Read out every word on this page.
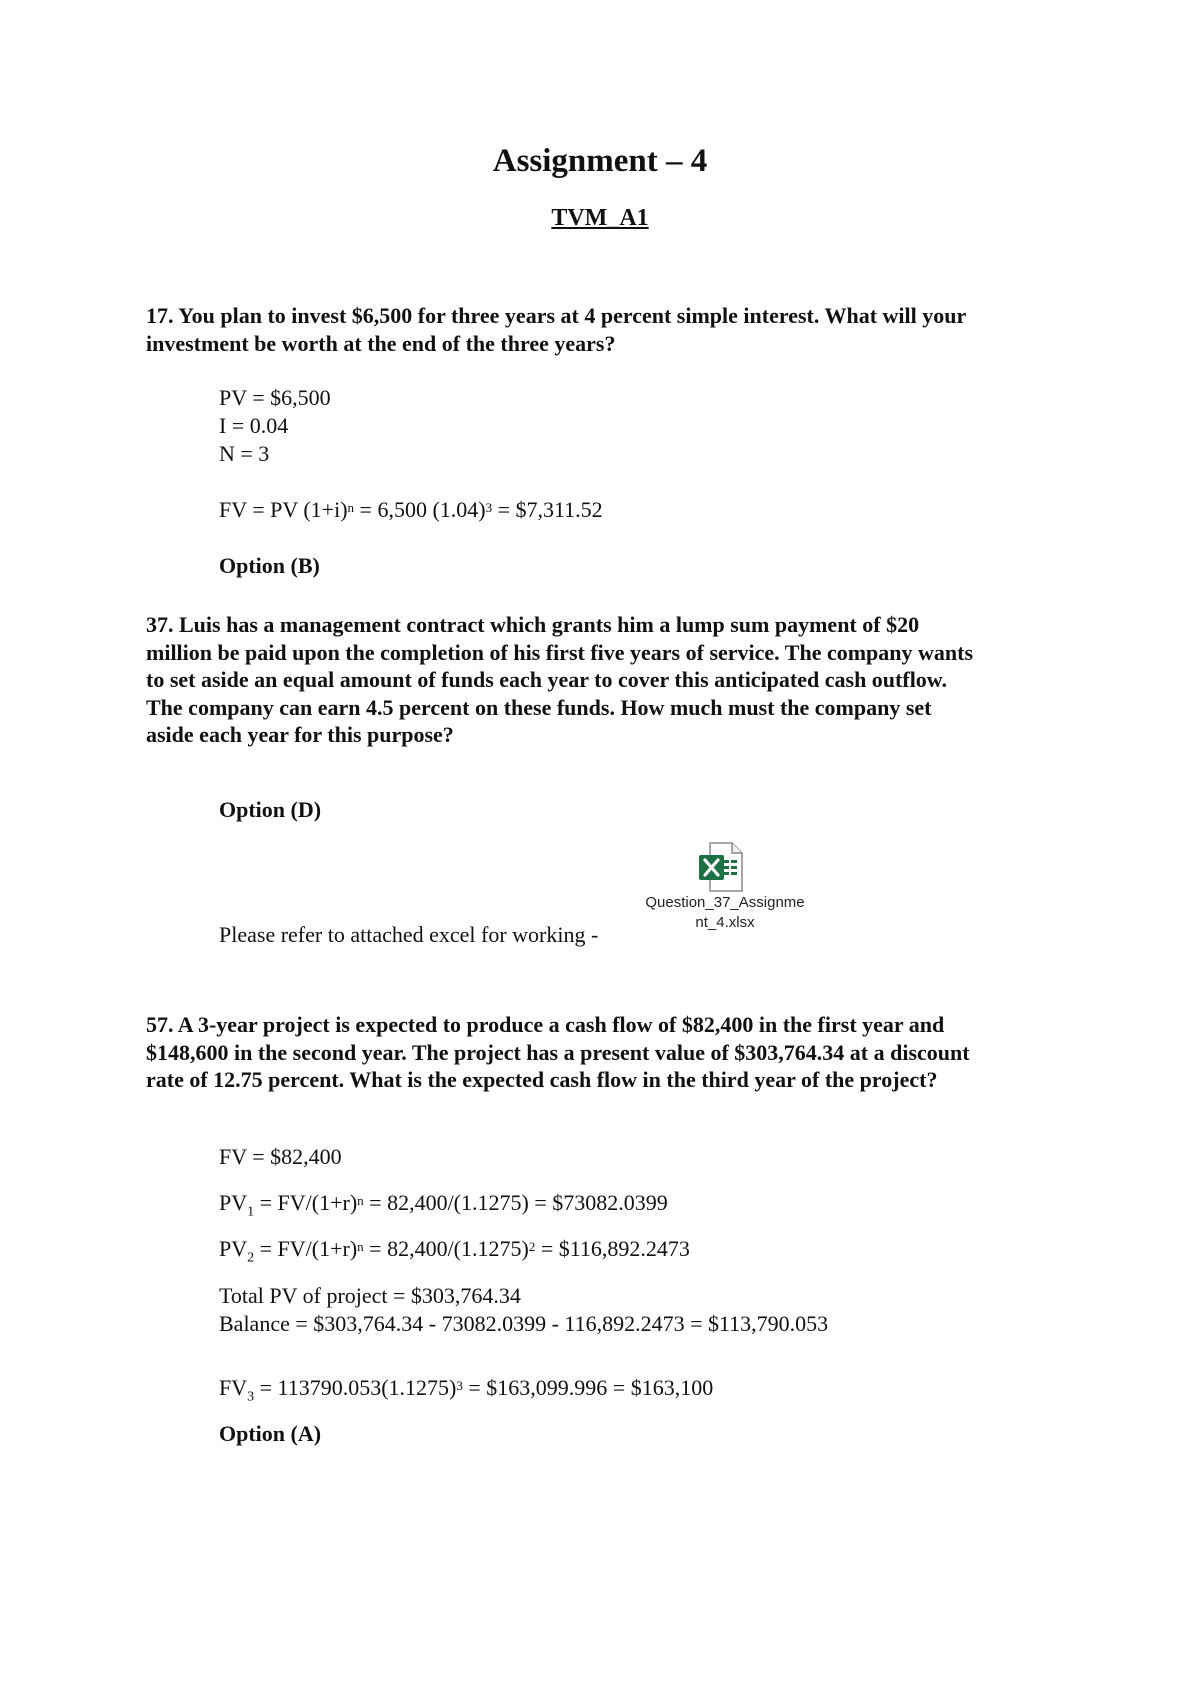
Assignment – 4
TVM_A1
17. You plan to invest $6,500 for three years at 4 percent simple interest. What will your
investment be worth at the end of the three years?
PV = $6,500
I = 0.04
N = 3
FV = PV $(1+i)^n = 6,500$ $(1.04)^3$ = $7,311.52
Option (B)
37. Luis has a management contract which grants him a lump sum payment of $20
million be paid upon the completion of his first five years of service. The company wants
to set aside an equal amount of funds each year to cover this anticipated cash outflow.
The company can earn 4.5 percent on these funds. How much must the company set
aside each year for this purpose?
Option (D)
Question_37_Assignment_4.xlsx
Please refer to attached excel for working -
57. A 3-year project is expected to produce a cash flow of $82,400 in the first year and
$148,600 in the second year. The project has a present value of $303,764.34 at a discount
rate of 12.75 percent. What is the expected cash flow in the third year of the project?
FV = $82,400
$PV_1 = FV/(1+r)^n = 82,400/(1.1275)$ = $73082.0399
$PV_2 = FV/(1+r)^n = 82,400/(1.1275)^2$ = $116,892.2473
Total PV of project = $303,764.34
Balance = $303,764.34 - 73082.0399 - 116,892.2473 = $113,790.053
$FV_3 = 113790.053(1.1275)^3$ = $163,099.996 = $163,100
Option (A)
